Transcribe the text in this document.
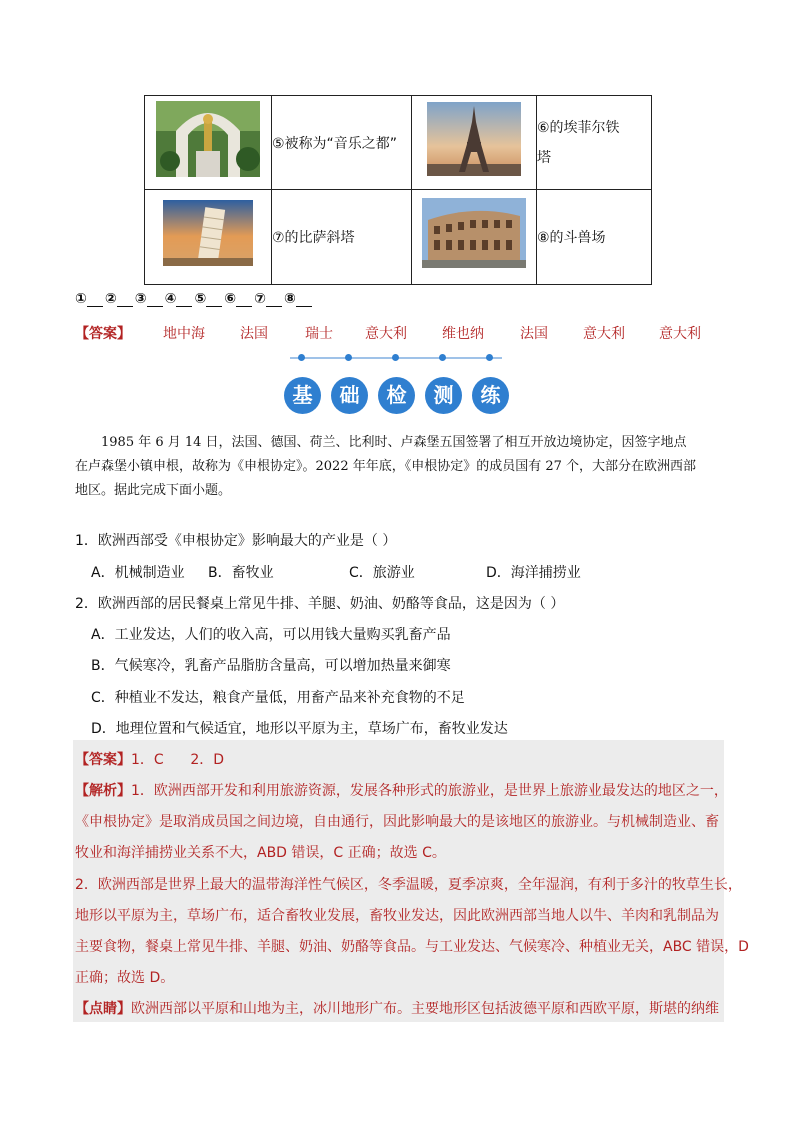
	⑤被称为“音乐之都”		⑥的埃菲尔铁
塔

	⑦的比萨斜塔		⑧的斗兽场
① ② ③ ④ ⑤ ⑥ ⑦ ⑧
【答案】 地中海	法国	瑞士 意大利	维也纳	法国	意大利 意大利
基	础	检	测	练
1985 年 6 月 14 日，法国、德国、荷兰、比利时、卢森堡五国签署了相互开放边境协定，因签字地点
在卢森堡小镇申根，故称为《申根协定》。2022 年年底，《申根协定》的成员国有 27 个，大部分在欧洲西部
地区。据此完成下面小题。
1．欧洲西部受《申根协定》影响最大的产业是（ ）
A．机械制造业 B．畜牧业	C．旅游业	D．海洋捕捞业
2．欧洲西部的居民餐桌上常见牛排、羊腿、奶油、奶酪等食品，这是因为（ ）
A．工业发达，人们的收入高，可以用钱大量购买乳畜产品
B．气候寒冷，乳畜产品脂肪含量高，可以增加热量来御寒
C．种植业不发达，粮食产量低，用畜产品来补充食物的不足
D．地理位置和气候适宜，地形以平原为主，草场广布，畜牧业发达
【答案】1．C      2．D
【解析】1．欧洲西部开发和利用旅游资源，发展各种形式的旅游业，是世界上旅游业最发达的地区之一，
《申根协定》是取消成员国之间边境，自由通行，因此影响最大的是该地区的旅游业。与机械制造业、畜
牧业和海洋捕捞业关系不大，ABD 错误，C 正确；故选 C。
2．欧洲西部是世界上最大的温带海洋性气候区，冬季温暖，夏季凉爽，全年湿润，有利于多汁的牧草生长，
地形以平原为主，草场广布，适合畜牧业发展，畜牧业发达，因此欧洲西部当地人以牛、羊肉和乳制品为
主要食物，餐桌上常见牛排、羊腿、奶油、奶酪等食品。与工业发达、气候寒冷、种植业无关，ABC 错误，D
正确；故选 D。
【点睛】欧洲西部以平原和山地为主，冰川地形广布。主要地形区包括波德平原和西欧平原，斯堪的纳维
